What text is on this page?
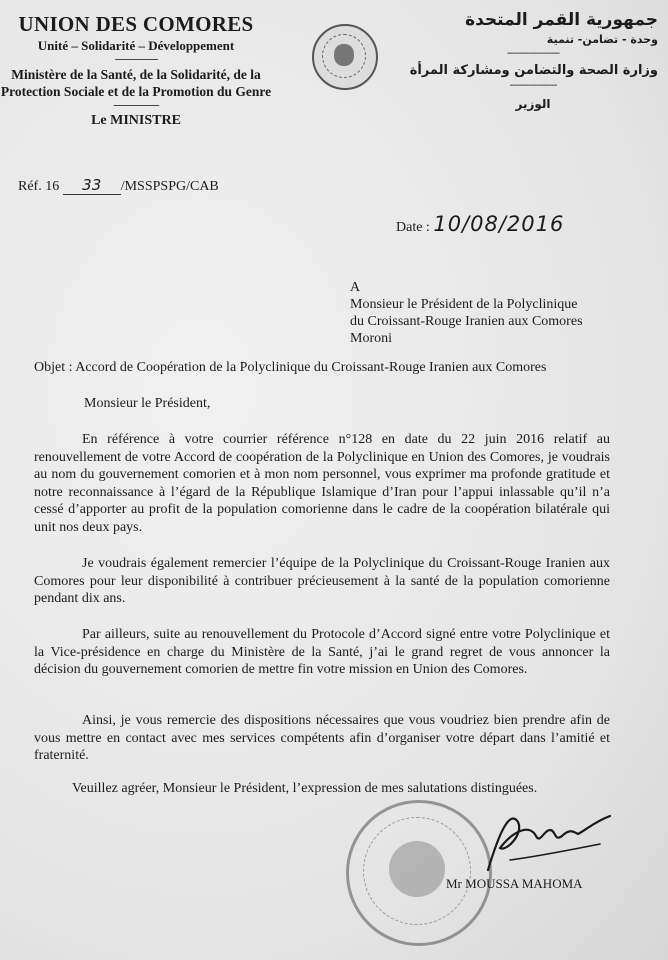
UNION DES COMORES
Unité – Solidarité – Développement
----------------
Ministère de la Santé, de la Solidarité, de la Protection Sociale et de la Promotion du Genre
-----------------
Le MINISTRE
Réf. 16 33 /MSSPSPG/CAB
جمهورية القمر المتحدة
وحدة - تضامن- تنمية
--------------------
وزارة الصحة والتضامن ومشاركة المرأة
------------------
الوزير
Date : 10/08/2016
A
Monsieur le Président de la Polyclinique
du Croissant-Rouge Iranien aux Comores
Moroni
Objet : Accord de Coopération de la Polyclinique du Croissant-Rouge Iranien aux Comores
Monsieur le Président,

En référence à votre courrier référence n°128 en date du 22 juin 2016 relatif au renouvellement de votre Accord de coopération de la Polyclinique en Union des Comores, je voudrais au nom du gouvernement comorien et à mon nom personnel, vous exprimer ma profonde gratitude et notre reconnaissance à l’égard de la République Islamique d’Iran pour l’appui inlassable qu’il n’a cessé d’apporter au profit de la population comorienne dans le cadre de la coopération bilatérale qui unit nos deux pays.

Je voudrais également remercier l’équipe de la Polyclinique du Croissant-Rouge Iranien aux Comores pour leur disponibilité à contribuer précieusement à la santé de la population comorienne pendant dix ans.

Par ailleurs, suite au renouvellement du Protocole d’Accord signé entre votre Polyclinique et la Vice-présidence en charge du Ministère de la Santé, j’ai le grand regret de vous annoncer la décision du gouvernement comorien de mettre fin votre mission en Union des Comores.

Ainsi, je vous remercie des dispositions nécessaires que vous voudriez bien prendre afin de vous mettre en contact avec mes services compétents afin d’organiser votre départ dans l’amitié et fraternité.

Veuillez agréer, Monsieur le Président, l’expression de mes salutations distinguées.
Mr MOUSSA MAHOMA
